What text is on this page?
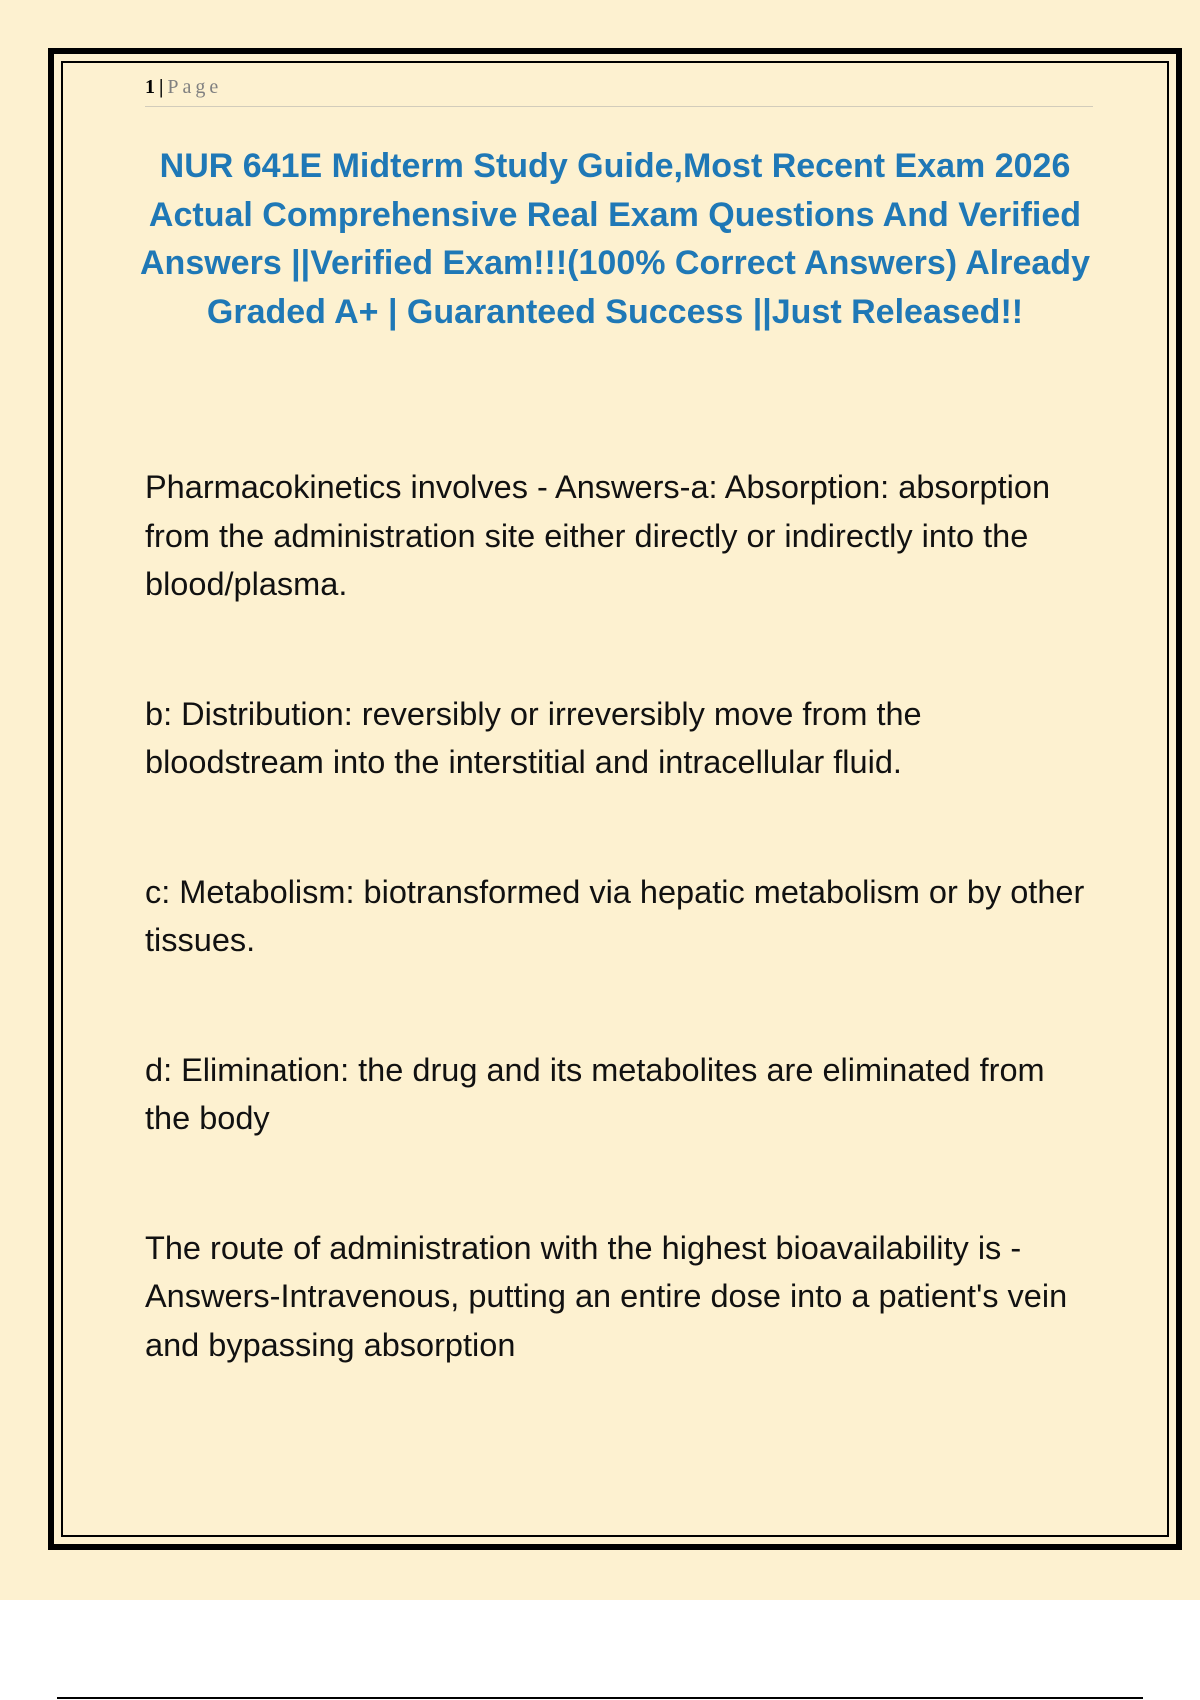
1 | Page
NUR 641E Midterm Study Guide,Most Recent Exam 2026 Actual Comprehensive Real Exam Questions And Verified Answers ||Verified Exam!!!(100% Correct Answers) Already Graded A+ | Guaranteed Success ||Just Released!!

Pharmacokinetics involves - Answers-a: Absorption: absorption from the administration site either directly or indirectly into the blood/plasma.

b: Distribution: reversibly or irreversibly move from the bloodstream into the interstitial and intracellular fluid.

c: Metabolism: biotransformed via hepatic metabolism or by other tissues.

d: Elimination: the drug and its metabolites are eliminated from the body

The route of administration with the highest bioavailability is - Answers-Intravenous, putting an entire dose into a patient's vein and bypassing absorption
